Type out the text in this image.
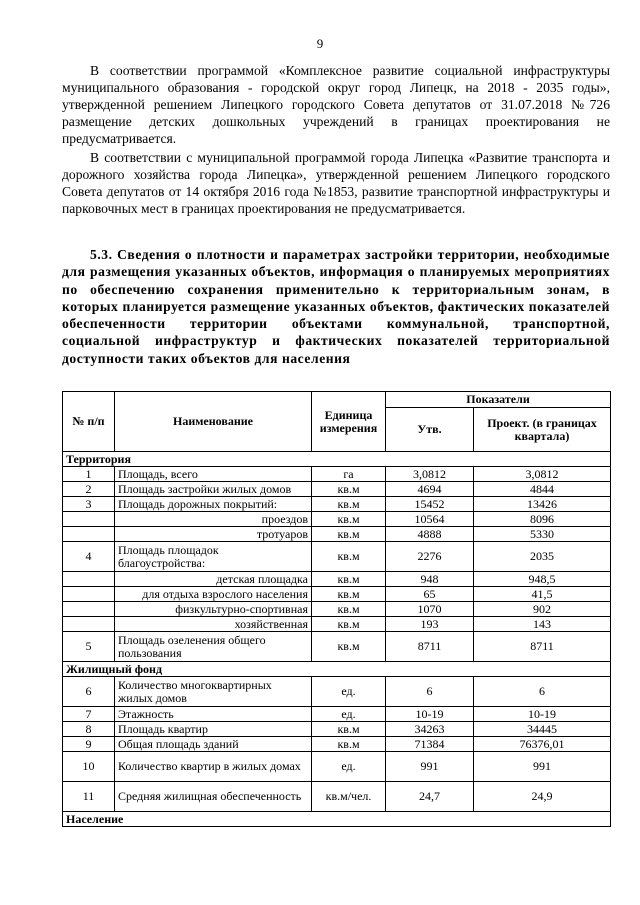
9

В соответствии программой «Комплексное развитие социальной инфраструктуры муниципального образования - городской округ город Липецк, на 2018 - 2035 годы», утвержденной решением Липецкого городского Совета депутатов от 31.07.2018 №726 размещение детских дошкольных учреждений в границах проектирования не предусматривается.

В соответствии с муниципальной программой города Липецка «Развитие транспорта и дорожного хозяйства города Липецка», утвержденной решением Липецкого городского Совета депутатов от 14 октября 2016 года №1853, развитие транспортной инфраструктуры и парковочных мест в границах проектирования не предусматривается.

5.3. Сведения о плотности и параметрах застройки территории, необходимые для размещения указанных объектов, информация о планируемых мероприятиях по обеспечению сохранения применительно к территориальным зонам, в которых планируется размещение указанных объектов, фактических показателей обеспеченности территории объектами коммунальной, транспортной, социальной инфраструктур и фактических показателей территориальной доступности таких объектов для населения

№ п/п	Наименование	Единица измерения	Показатели	
			Утв.	Проект. (в границах квартала)
Территория				
1	Площадь, всего	га	3,0812	3,0812
2	Площадь застройки жилых домов	кв.м	4694	4844
3	Площадь дорожных покрытий:	кв.м	15452	13426
	проездов	кв.м	10564	8096
	тротуаров	кв.м	4888	5330
4	Площадь площадок благоустройства:	кв.м	2276	2035
	детская площадка	кв.м	948	948,5
	для отдыха взрослого населения	кв.м	65	41,5
	физкультурно-спортивная	кв.м	1070	902
	хозяйственная	кв.м	193	143
5	Площадь озеленения общего пользования	кв.м	8711	8711
Жилищный фонд				
6	Количество многоквартирных жилых домов	ед.	6	6
7	Этажность	ед.	10-19	10-19
8	Площадь квартир	кв.м	34263	34445
9	Общая площадь зданий	кв.м	71384	76376,01
10	Количество квартир в жилых домах	ед.	991	991
11	Средняя жилищная обеспеченность	кв.м/чел.	24,7	24,9
Население				
